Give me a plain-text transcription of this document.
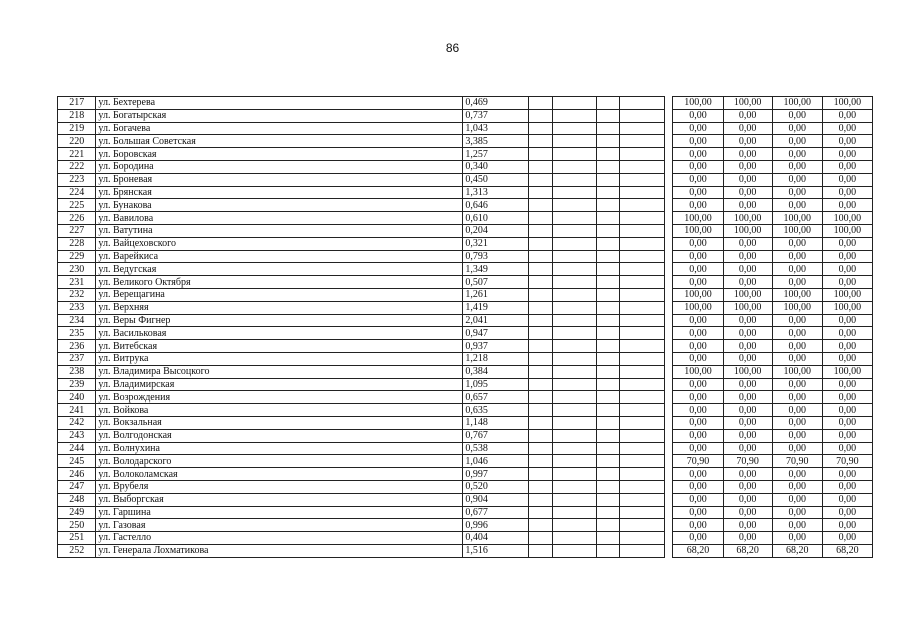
86
217	ул. Бехтерева	0,469						100,00	100,00	100,00	100,00
218	ул. Богатырская	0,737						0,00	0,00	0,00	0,00
219	ул. Богачева	1,043						0,00	0,00	0,00	0,00
220	ул. Большая Советская	3,385						0,00	0,00	0,00	0,00
221	ул. Боровская	1,257						0,00	0,00	0,00	0,00
222	ул. Бородина	0,340						0,00	0,00	0,00	0,00
223	ул. Броневая	0,450						0,00	0,00	0,00	0,00
224	ул. Брянская	1,313						0,00	0,00	0,00	0,00
225	ул. Бунакова	0,646						0,00	0,00	0,00	0,00
226	ул. Вавилова	0,610						100,00	100,00	100,00	100,00
227	ул. Ватутина	0,204						100,00	100,00	100,00	100,00
228	ул. Вайцеховского	0,321						0,00	0,00	0,00	0,00
229	ул. Варейкиса	0,793						0,00	0,00	0,00	0,00
230	ул. Ведугская	1,349						0,00	0,00	0,00	0,00
231	ул. Великого Октября	0,507						0,00	0,00	0,00	0,00
232	ул. Верещагина	1,261						100,00	100,00	100,00	100,00
233	ул. Верхняя	1,419						100,00	100,00	100,00	100,00
234	ул. Веры Фигнер	2,041						0,00	0,00	0,00	0,00
235	ул. Васильковая	0,947						0,00	0,00	0,00	0,00
236	ул. Витебская	0,937						0,00	0,00	0,00	0,00
237	ул. Витрука	1,218						0,00	0,00	0,00	0,00
238	ул. Владимира Высоцкого	0,384						100,00	100,00	100,00	100,00
239	ул. Владимирская	1,095						0,00	0,00	0,00	0,00
240	ул. Возрождения	0,657						0,00	0,00	0,00	0,00
241	ул. Войкова	0,635						0,00	0,00	0,00	0,00
242	ул. Вокзальная	1,148						0,00	0,00	0,00	0,00
243	ул. Волгодонская	0,767						0,00	0,00	0,00	0,00
244	ул. Волнухина	0,538						0,00	0,00	0,00	0,00
245	ул. Володарского	1,046						70,90	70,90	70,90	70,90
246	ул. Волоколамская	0,997						0,00	0,00	0,00	0,00
247	ул. Врубеля	0,520						0,00	0,00	0,00	0,00
248	ул. Выборгская	0,904						0,00	0,00	0,00	0,00
249	ул. Гаршина	0,677						0,00	0,00	0,00	0,00
250	ул. Газовая	0,996						0,00	0,00	0,00	0,00
251	ул. Гастелло	0,404						0,00	0,00	0,00	0,00
252	ул. Генерала Лохматикова	1,516						68,20	68,20	68,20	68,20
